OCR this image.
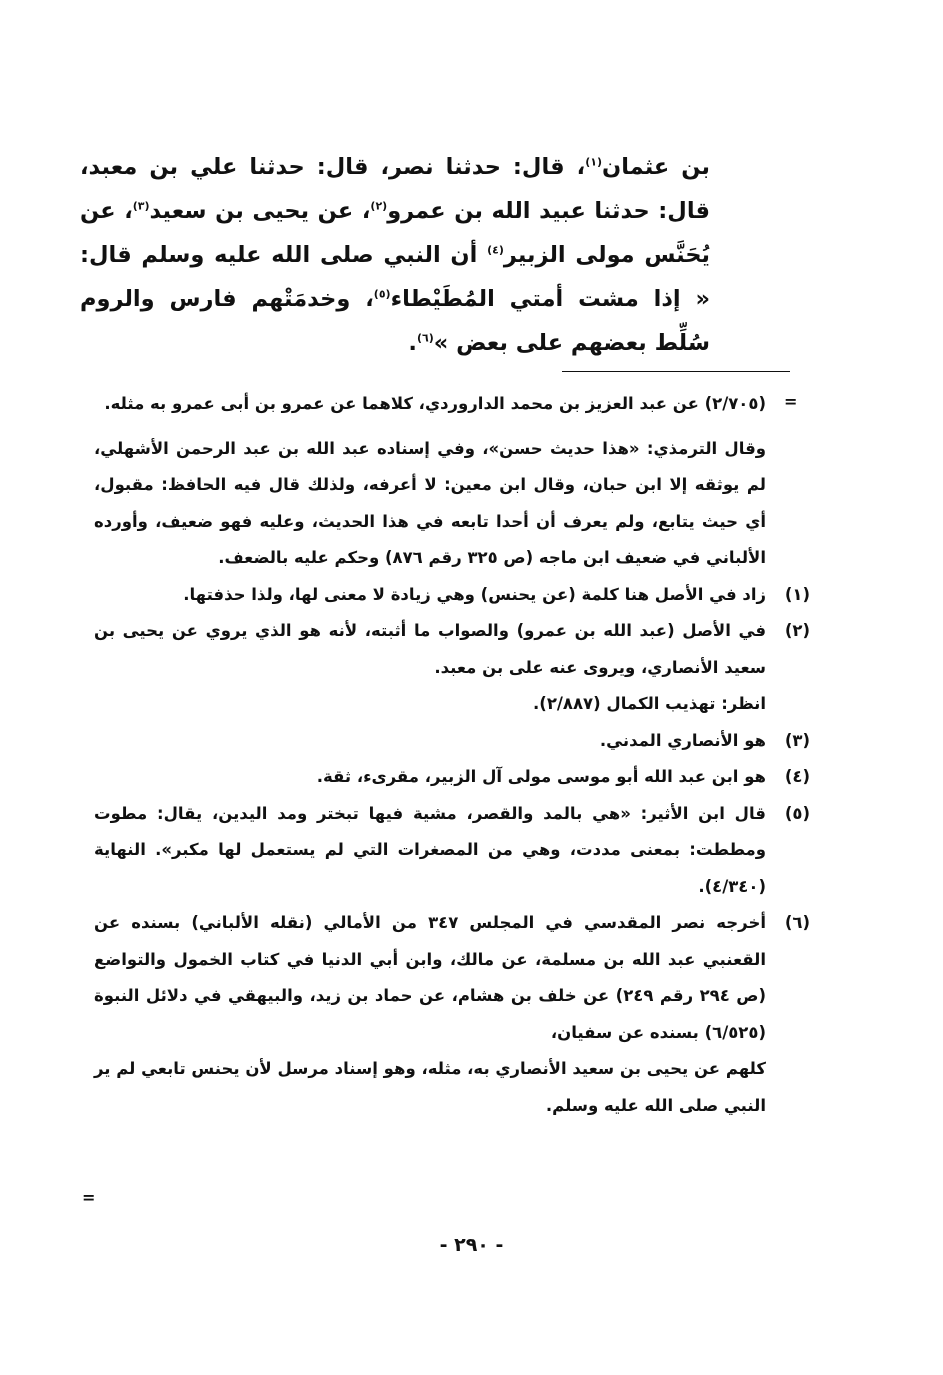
بن عثمان$^{(١)}$، قال: حدثنا نصر، قال: حدثنا علي بن معبد، قال: حدثنا عبيد الله بن عمرو$^{(٢)}$، عن يحيى بن سعيد$^{(٣)}$، عن يُحَنَّس مولى الزبير$^{(٤)}$ أن النبي صلى الله عليه وسلم قال: « إذا مشت أمتي المُطَيْطاء$^{(٥)}$، وخدمَتْهم فارس والروم سُلِّط بعضهم على بعض »$^{(٦)}$.

=

(٢/٧٠٥) عن عبد العزيز بن محمد الداروردي، كلاهما عن عمرو بن أبى عمرو به مثله.

وقال الترمذي: «هذا حديث حسن»، وفي إسناده عبد الله بن عبد الرحمن الأشهلي، لم يوثقه إلا ابن حبان، وقال ابن معين: لا أعرفه، ولذلك قال فيه الحافظ: مقبول، أي حيث يتابع، ولم يعرف أن أحدا تابعه في هذا الحديث، وعليه فهو ضعيف، وأورده الألباني في ضعيف ابن ماجه (ص ٣٢٥ رقم ٨٧٦) وحكم عليه بالضعف.

(١)
زاد في الأصل هنا كلمة (عن يحنس) وهي زيادة لا معنى لها، ولذا حذفتها.
(٢)
في الأصل (عبد الله بن عمرو) والصواب ما أثبته، لأنه هو الذي يروي عن يحيى بن سعيد الأنصاري، ويروى عنه على بن معبد.
انظر: تهذيب الكمال (٢/٨٨٧).
(٣)
هو الأنصاري المدني.
(٤)
هو ابن عبد الله أبو موسى مولى آل الزبير، مقرىء، ثقة.
(٥)
قال ابن الأثير: «هي بالمد والقصر، مشية فيها تبختر ومد اليدين، يقال: مطوت ومططت: بمعنى مددت، وهي من المصغرات التي لم يستعمل لها مكبر». النهاية (٤/٣٤٠).
(٦)
أخرجه نصر المقدسي في المجلس ٣٤٧ من الأمالي (نقله الألباني) بسنده عن القعنبي عبد الله بن مسلمة، عن مالك، وابن أبي الدنيا في كتاب الخمول والتواضع (ص ٢٩٤ رقم ٢٤٩) عن خلف بن هشام، عن حماد بن زيد، والبيهقي في دلائل النبوة (٦/٥٢٥) بسنده عن سفيان،
كلهم عن يحيى بن سعيد الأنصاري به، مثله، وهو إسناد مرسل لأن يحنس تابعي لم ير النبي صلى الله عليه وسلم.
=
- ٢٩٠ -
